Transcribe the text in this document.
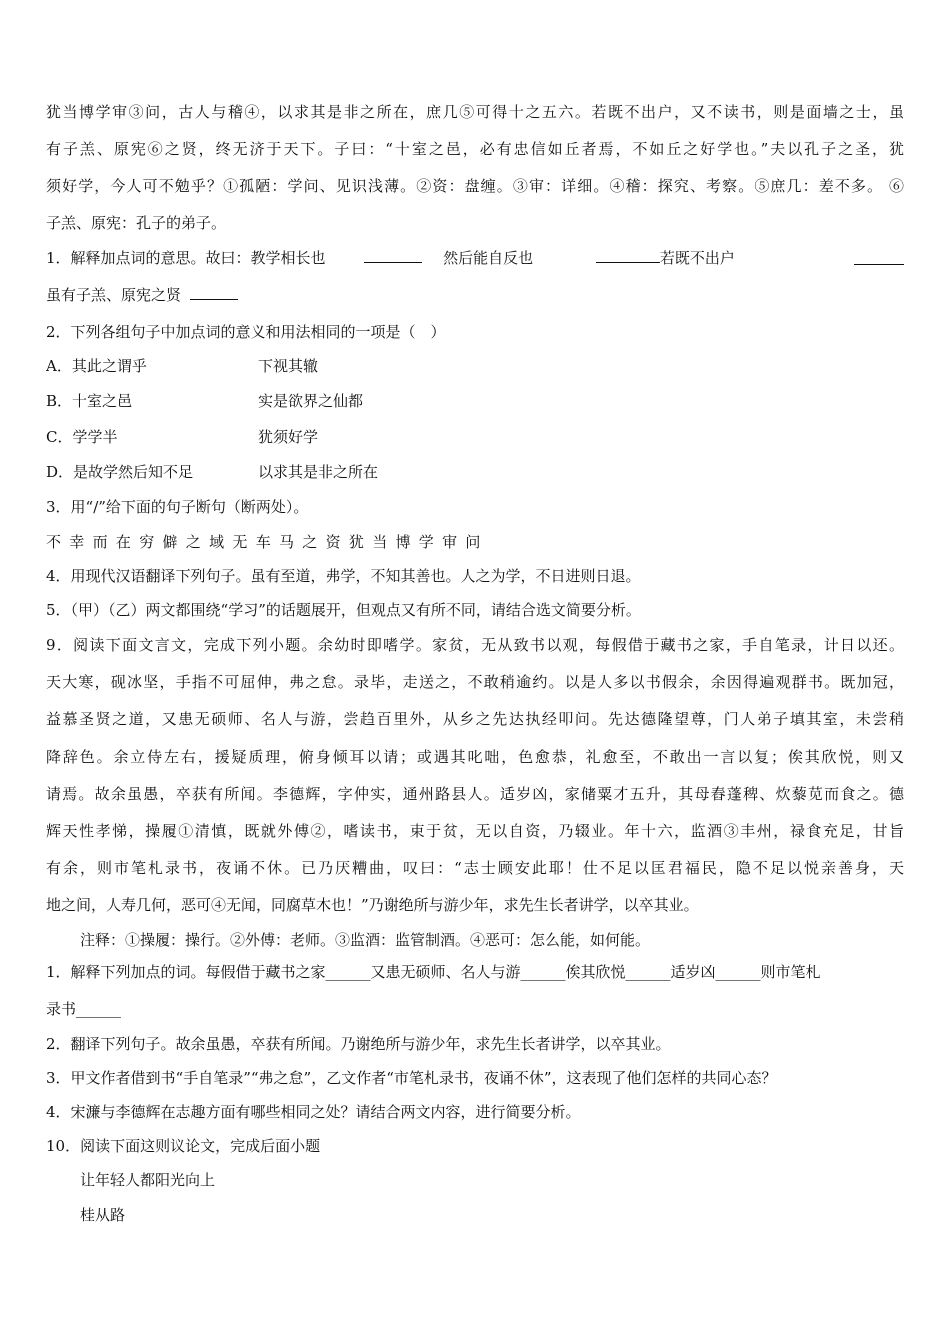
犹当博学审③问，古人与稽④，以求其是非之所在，庶几⑤可得十之五六。若既不出户，又不读书，则是面墙之士，虽
有子羔、原宪⑥之贤，终无济于天下。子曰：“十室之邑，必有忠信如丘者焉，不如丘之好学也。”夫以孔子之圣，犹
须好学，今人可不勉乎？①孤陋：学问、见识浅薄。②资：盘缠。③审：详细。④稽：探究、考察。⑤庶几：差不多。 ⑥
子羔、原宪：孔子的弟子。
1．解释加点词的意思。故曰：教学相长也	然后能自反也	若既不出户
虽有子羔、原宪之贤
2．下列各组句子中加点词的意义和用法相同的一项是（　）
A．其此之谓乎	下视其辙
B．十室之邑	实是欲界之仙都
C．学学半	犹须好学
D．是故学然后知不足	以求其是非之所在
3．用“/”给下面的句子断句（断两处）。
不幸而在穷僻之域无车马之资犹当博学审问
4．用现代汉语翻译下列句子。虽有至道，弗学，不知其善也。人之为学，不日进则日退。
5．（甲）（乙）两文都围绕“学习”的话题展开，但观点又有所不同，请结合选文简要分析。
9．阅读下面文言文，完成下列小题。余幼时即嗜学。家贫，无从致书以观，每假借于藏书之家，手自笔录，计日以还。
天大寒，砚冰坚，手指不可屈伸，弗之怠。录毕，走送之，不敢稍逾约。以是人多以书假余，余因得遍观群书。既加冠，
益慕圣贤之道，又患无硕师、名人与游，尝趋百里外，从乡之先达执经叩问。先达德隆望尊，门人弟子填其室，未尝稍
降辞色。余立侍左右，援疑质理，俯身倾耳以请；或遇其叱咄，色愈恭，礼愈至，不敢出一言以复；俟其欣悦，则又
请焉。故余虽愚，卒获有所闻。李德辉，字仲实，通州路县人。适岁凶，家储粟才五升，其母舂蓬稗、炊藜苋而食之。德
辉天性孝悌，操履①清慎，既就外傅②，嗜读书，束于贫，无以自资，乃辍业。年十六，监酒③丰州，禄食充足，甘旨
有余，则市笔札录书，夜诵不休。已乃厌糟曲，叹曰：“志士顾安此耶！仕不足以匡君福民，隐不足以悦亲善身，天
地之间，人寿几何，恶可④无闻，同腐草木也！”乃谢绝所与游少年，求先生长者讲学，以卒其业。
注释：①操履：操行。②外傅：老师。③监酒：监管制酒。④恶可：怎么能，如何能。
1．解释下列加点的词。每假借于藏书之家______又患无硕师、名人与游______俟其欣悦______适岁凶______则市笔札
录书______
2．翻译下列句子。故余虽愚，卒获有所闻。乃谢绝所与游少年，求先生长者讲学，以卒其业。
3．甲文作者借到书“手自笔录”“弗之怠”，乙文作者“市笔札录书，夜诵不休”，这表现了他们怎样的共同心态？
4．宋濂与李德辉在志趣方面有哪些相同之处？请结合两文内容，进行简要分析。
10．阅读下面这则议论文，完成后面小题
让年轻人都阳光向上
桂从路
